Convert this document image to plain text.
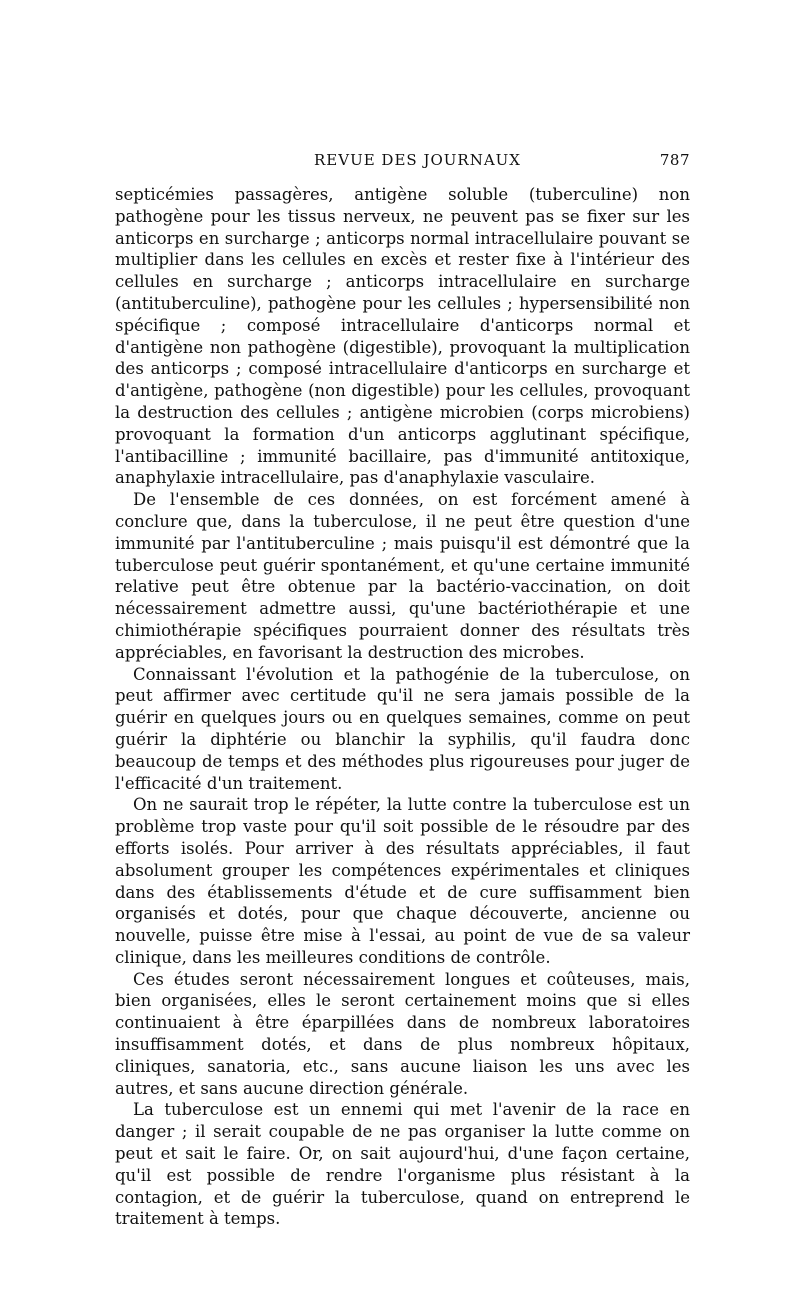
REVUE DES JOURNAUX	787

septicémies passagères, antigène soluble (tuberculine) non pathogène pour les tissus nerveux, ne peuvent pas se fixer sur les anticorps en surcharge ; anticorps normal intracellulaire pouvant se multiplier dans les cellules en excès et rester fixe à l'intérieur des cellules en surcharge ; anticorps intracellulaire en surcharge (antituberculine), pathogène pour les cellules ; hypersensibilité non spécifique ; composé intracellulaire d'anticorps normal et d'antigène non pathogène (digestible), provoquant la multiplication des anticorps ; composé intracellulaire d'anticorps en surcharge et d'antigène, pathogène (non digestible) pour les cellules, provoquant la destruction des cellules ; antigène microbien (corps microbiens) provoquant la formation d'un anticorps agglutinant spécifique, l'antibacilline ; immunité bacillaire, pas d'immunité antitoxique, anaphylaxie intracellulaire, pas d'anaphylaxie vasculaire.

De l'ensemble de ces données, on est forcément amené à conclure que, dans la tuberculose, il ne peut être question d'une immunité par l'antituberculine ; mais puisqu'il est démontré que la tuberculose peut guérir spontanément, et qu'une certaine immunité relative peut être obtenue par la bactério-vaccination, on doit nécessairement admettre aussi, qu'une bactériothérapie et une chimiothérapie spécifiques pourraient donner des résultats très appréciables, en favorisant la destruction des microbes.

Connaissant l'évolution et la pathogénie de la tuberculose, on peut affirmer avec certitude qu'il ne sera jamais possible de la guérir en quelques jours ou en quelques semaines, comme on peut guérir la diphtérie ou blanchir la syphilis, qu'il faudra donc beaucoup de temps et des méthodes plus rigoureuses pour juger de l'efficacité d'un traitement.

On ne saurait trop le répéter, la lutte contre la tuberculose est un problème trop vaste pour qu'il soit possible de le résoudre par des efforts isolés. Pour arriver à des résultats appréciables, il faut absolument grouper les compétences expérimentales et cliniques dans des établissements d'étude et de cure suffisamment bien organisés et dotés, pour que chaque découverte, ancienne ou nouvelle, puisse être mise à l'essai, au point de vue de sa valeur clinique, dans les meilleures conditions de contrôle.

Ces études seront nécessairement longues et coûteuses, mais, bien organisées, elles le seront certainement moins que si elles continuaient à être éparpillées dans de nombreux laboratoires insuffisamment dotés, et dans de plus nombreux hôpitaux, cliniques, sanatoria, etc., sans aucune liaison les uns avec les autres, et sans aucune direction générale.

La tuberculose est un ennemi qui met l'avenir de la race en danger ; il serait coupable de ne pas organiser la lutte comme on peut et sait le faire. Or, on sait aujourd'hui, d'une façon certaine, qu'il est possible de rendre l'organisme plus résistant à la contagion, et de guérir la tuberculose, quand on entreprend le traitement à temps.
